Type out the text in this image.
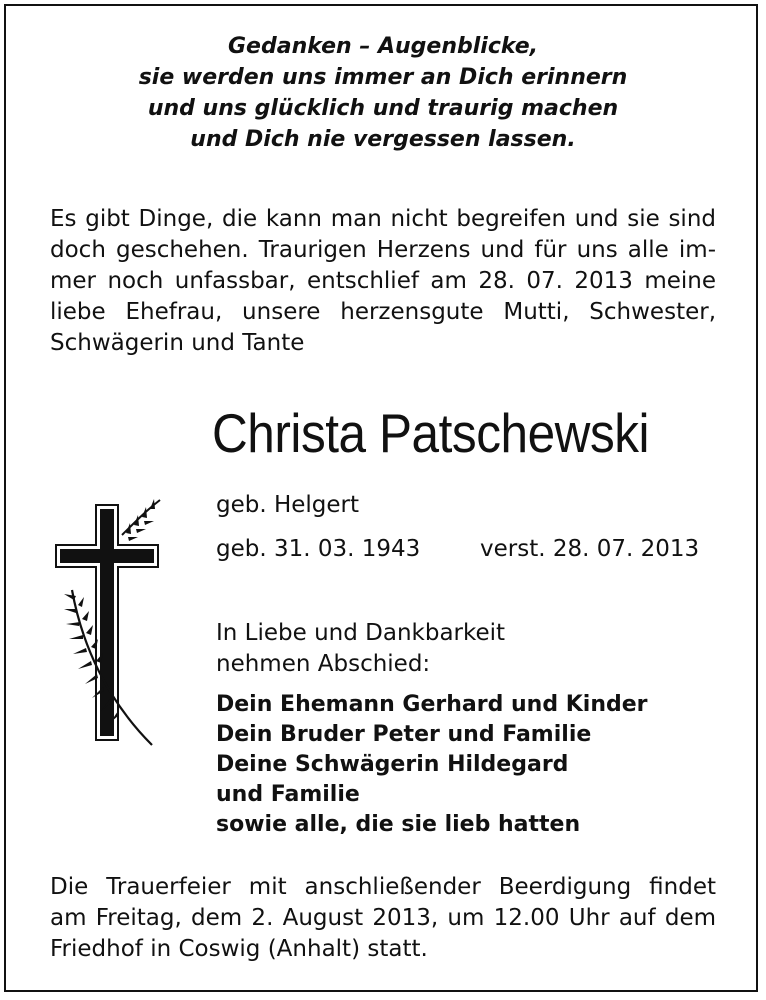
Gedanken – Augenblicke,
sie werden uns immer an Dich erinnern
und uns glücklich und traurig machen
und Dich nie vergessen lassen.
Es gibt Dinge, die kann man nicht begreifen und sie sind
doch geschehen. Traurigen Herzens und für uns alle im-
mer noch unfassbar, entschlief am 28. 07. 2013 meine
liebe Ehefrau, unsere herzensgute Mutti, Schwester,
Schwägerin und Tante
Christa Patschewski
geb. Helgert
geb. 31. 03. 1943	verst. 28. 07. 2013
In Liebe und Dankbarkeit
nehmen Abschied:
Dein Ehemann Gerhard und Kinder
Dein Bruder Peter und Familie
Deine Schwägerin Hildegard
und Familie
sowie alle, die sie lieb hatten
Die Trauerfeier mit anschließender Beerdigung findet
am Freitag, dem 2. August 2013, um 12.00 Uhr auf dem
Friedhof in Coswig (Anhalt) statt.
